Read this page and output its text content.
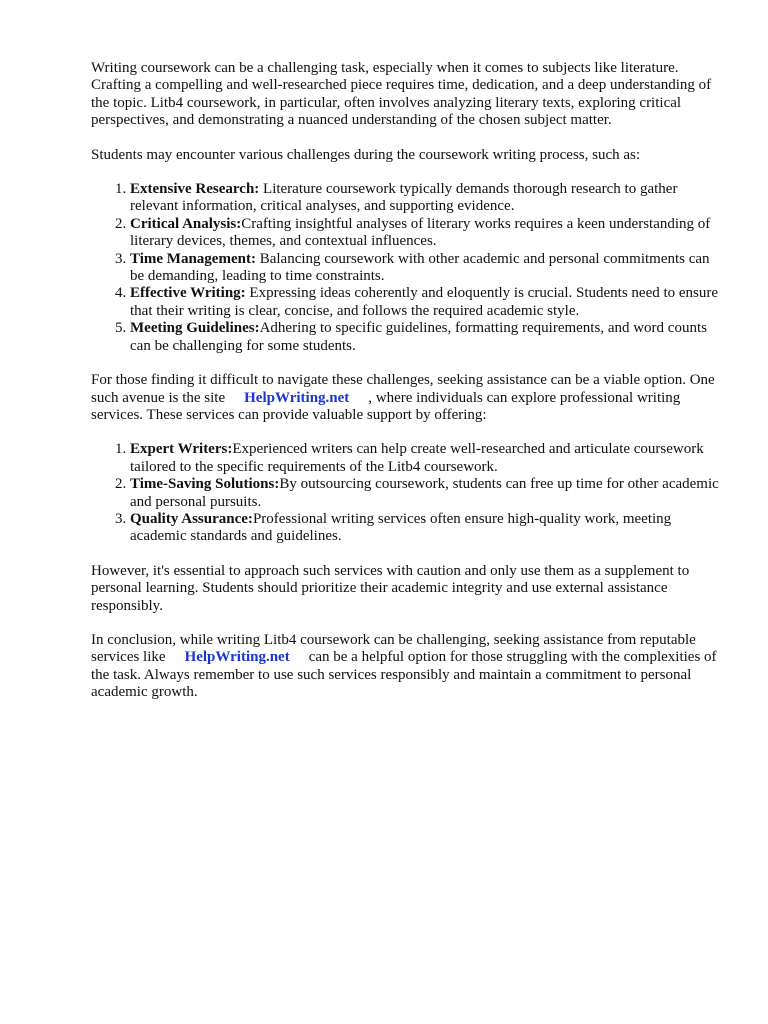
Writing coursework can be a challenging task, especially when it comes to subjects like literature. Crafting a compelling and well-researched piece requires time, dedication, and a deep understanding of the topic. Litb4 coursework, in particular, often involves analyzing literary texts, exploring critical perspectives, and demonstrating a nuanced understanding of the chosen subject matter.

Students may encounter various challenges during the coursework writing process, such as:

1. Extensive Research: Literature coursework typically demands thorough research to gather relevant information, critical analyses, and supporting evidence.
2. Critical Analysis:Crafting insightful analyses of literary works requires a keen understanding of literary devices, themes, and contextual influences.
3. Time Management: Balancing coursework with other academic and personal commitments can be demanding, leading to time constraints.
4. Effective Writing: Expressing ideas coherently and eloquently is crucial. Students need to ensure that their writing is clear, concise, and follows the required academic style.
5. Meeting Guidelines:Adhering to specific guidelines, formatting requirements, and word counts can be challenging for some students.

For those finding it difficult to navigate these challenges, seeking assistance can be a viable option. One such avenue is the site HelpWriting.net , where individuals can explore professional writing services. These services can provide valuable support by offering:

1. Expert Writers:Experienced writers can help create well-researched and articulate coursework tailored to the specific requirements of the Litb4 coursework.
2. Time-Saving Solutions:By outsourcing coursework, students can free up time for other academic and personal pursuits.
3. Quality Assurance:Professional writing services often ensure high-quality work, meeting academic standards and guidelines.

However, it's essential to approach such services with caution and only use them as a supplement to personal learning. Students should prioritize their academic integrity and use external assistance responsibly.

In conclusion, while writing Litb4 coursework can be challenging, seeking assistance from reputable services like HelpWriting.net can be a helpful option for those struggling with the complexities of the task. Always remember to use such services responsibly and maintain a commitment to personal academic growth.
